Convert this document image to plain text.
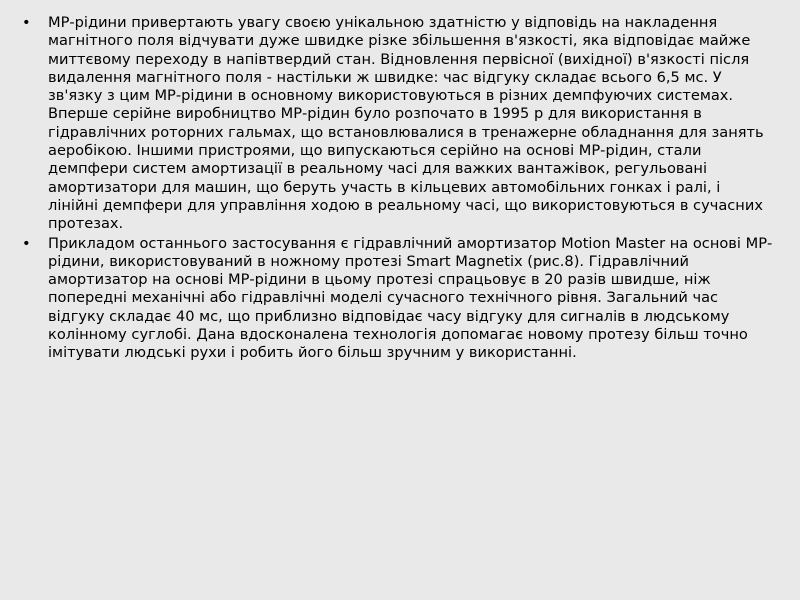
•	МР-рідини привертають увагу своєю унікальною здатністю у відповідь на накладення магнітного поля відчувати дуже швидке різке збільшення в'язкості, яка відповідає майже миттєвому переходу в напівтвердий стан. Відновлення первісної (вихідної) в'язкості після видалення магнітного поля - настільки ж швидке: час відгуку складає всього 6,5 мс. У зв'язку з цим МР-рідини в основному використовуються в різних демпфуючих системах. Вперше серійне виробництво МР-рідин було розпочато в 1995 р для використання в гідравлічних роторних гальмах, що встановлювалися в тренажерне обладнання для занять аеробікою. Іншими пристроями, що випускаються серійно на основі МР-рідин, стали демпфери систем амортизації в реальному часі для важких вантажівок, регульовані амортизатори для машин, що беруть участь в кільцевих автомобільних гонках і ралі, і лінійні демпфери для управління ходою в реальному часі, що використовуються в сучасних протезах.
•	Прикладом останнього застосування є гідравлічний амортизатор Motion Master на основі МР-рідини, використовуваний в ножному протезі Smart Magnetix (рис.8). Гідравлічний амортизатор на основі МР-рідини в цьому протезі спрацьовує в 20 разів швидше, ніж попередні механічні або гідравлічні моделі сучасного технічного рівня. Загальний час відгуку складає 40 мс, що приблизно відповідає часу відгуку для сигналів в людському колінному суглобі. Дана вдосконалена технологія допомагає новому протезу більш точно імітувати людські рухи і робить його більш зручним у використанні.
